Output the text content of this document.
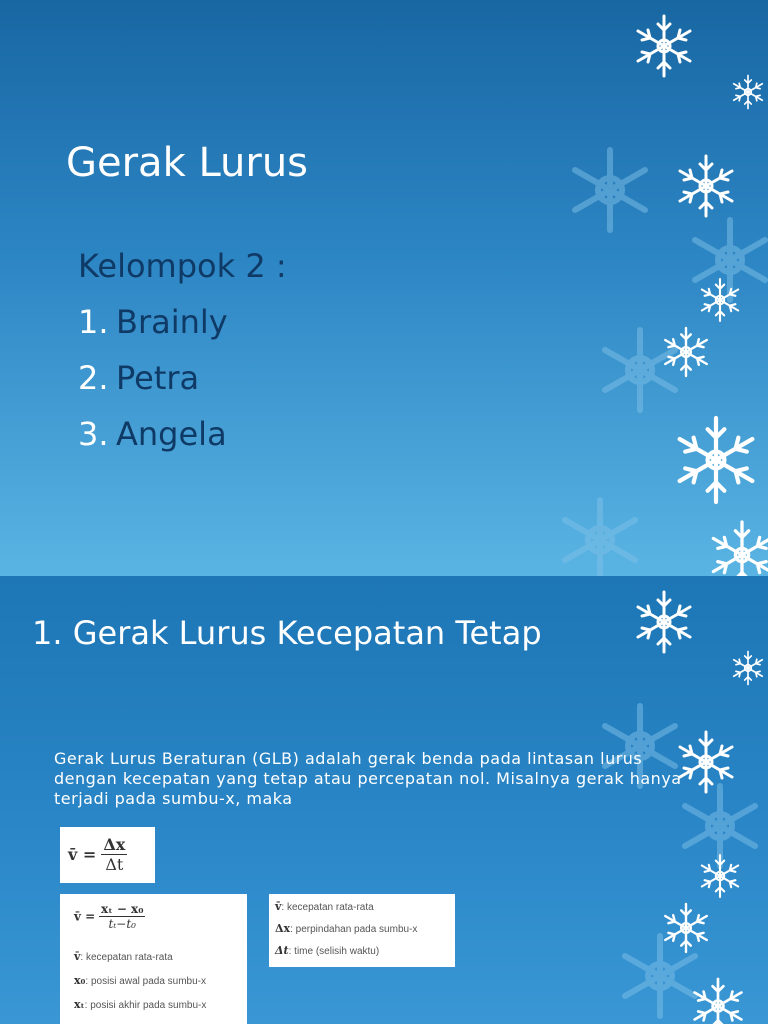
Gerak Lurus
Kelompok 2 :
1. Brainly
2. Petra
3. Angela
1. Gerak Lurus Kecepatan Tetap
Gerak Lurus Beraturan (GLB) adalah gerak benda pada lintasan lurus dengan kecepatan yang tetap atau percepatan nol. Misalnya gerak hanya terjadi pada sumbu-x, maka
v̄ = $\frac{\Delta x}{\Delta t}$
v̄ = $\frac{\text{xₜ − x₀}}{\text{tₜ−t₀}}$
v̄: kecepatan rata-rata
x₀: posisi awal pada sumbu-x
xₜ: posisi akhir pada sumbu-x
v̄: kecepatan rata-rata
Δx: perpindahan pada sumbu-x
Δt: time (selisih waktu)
